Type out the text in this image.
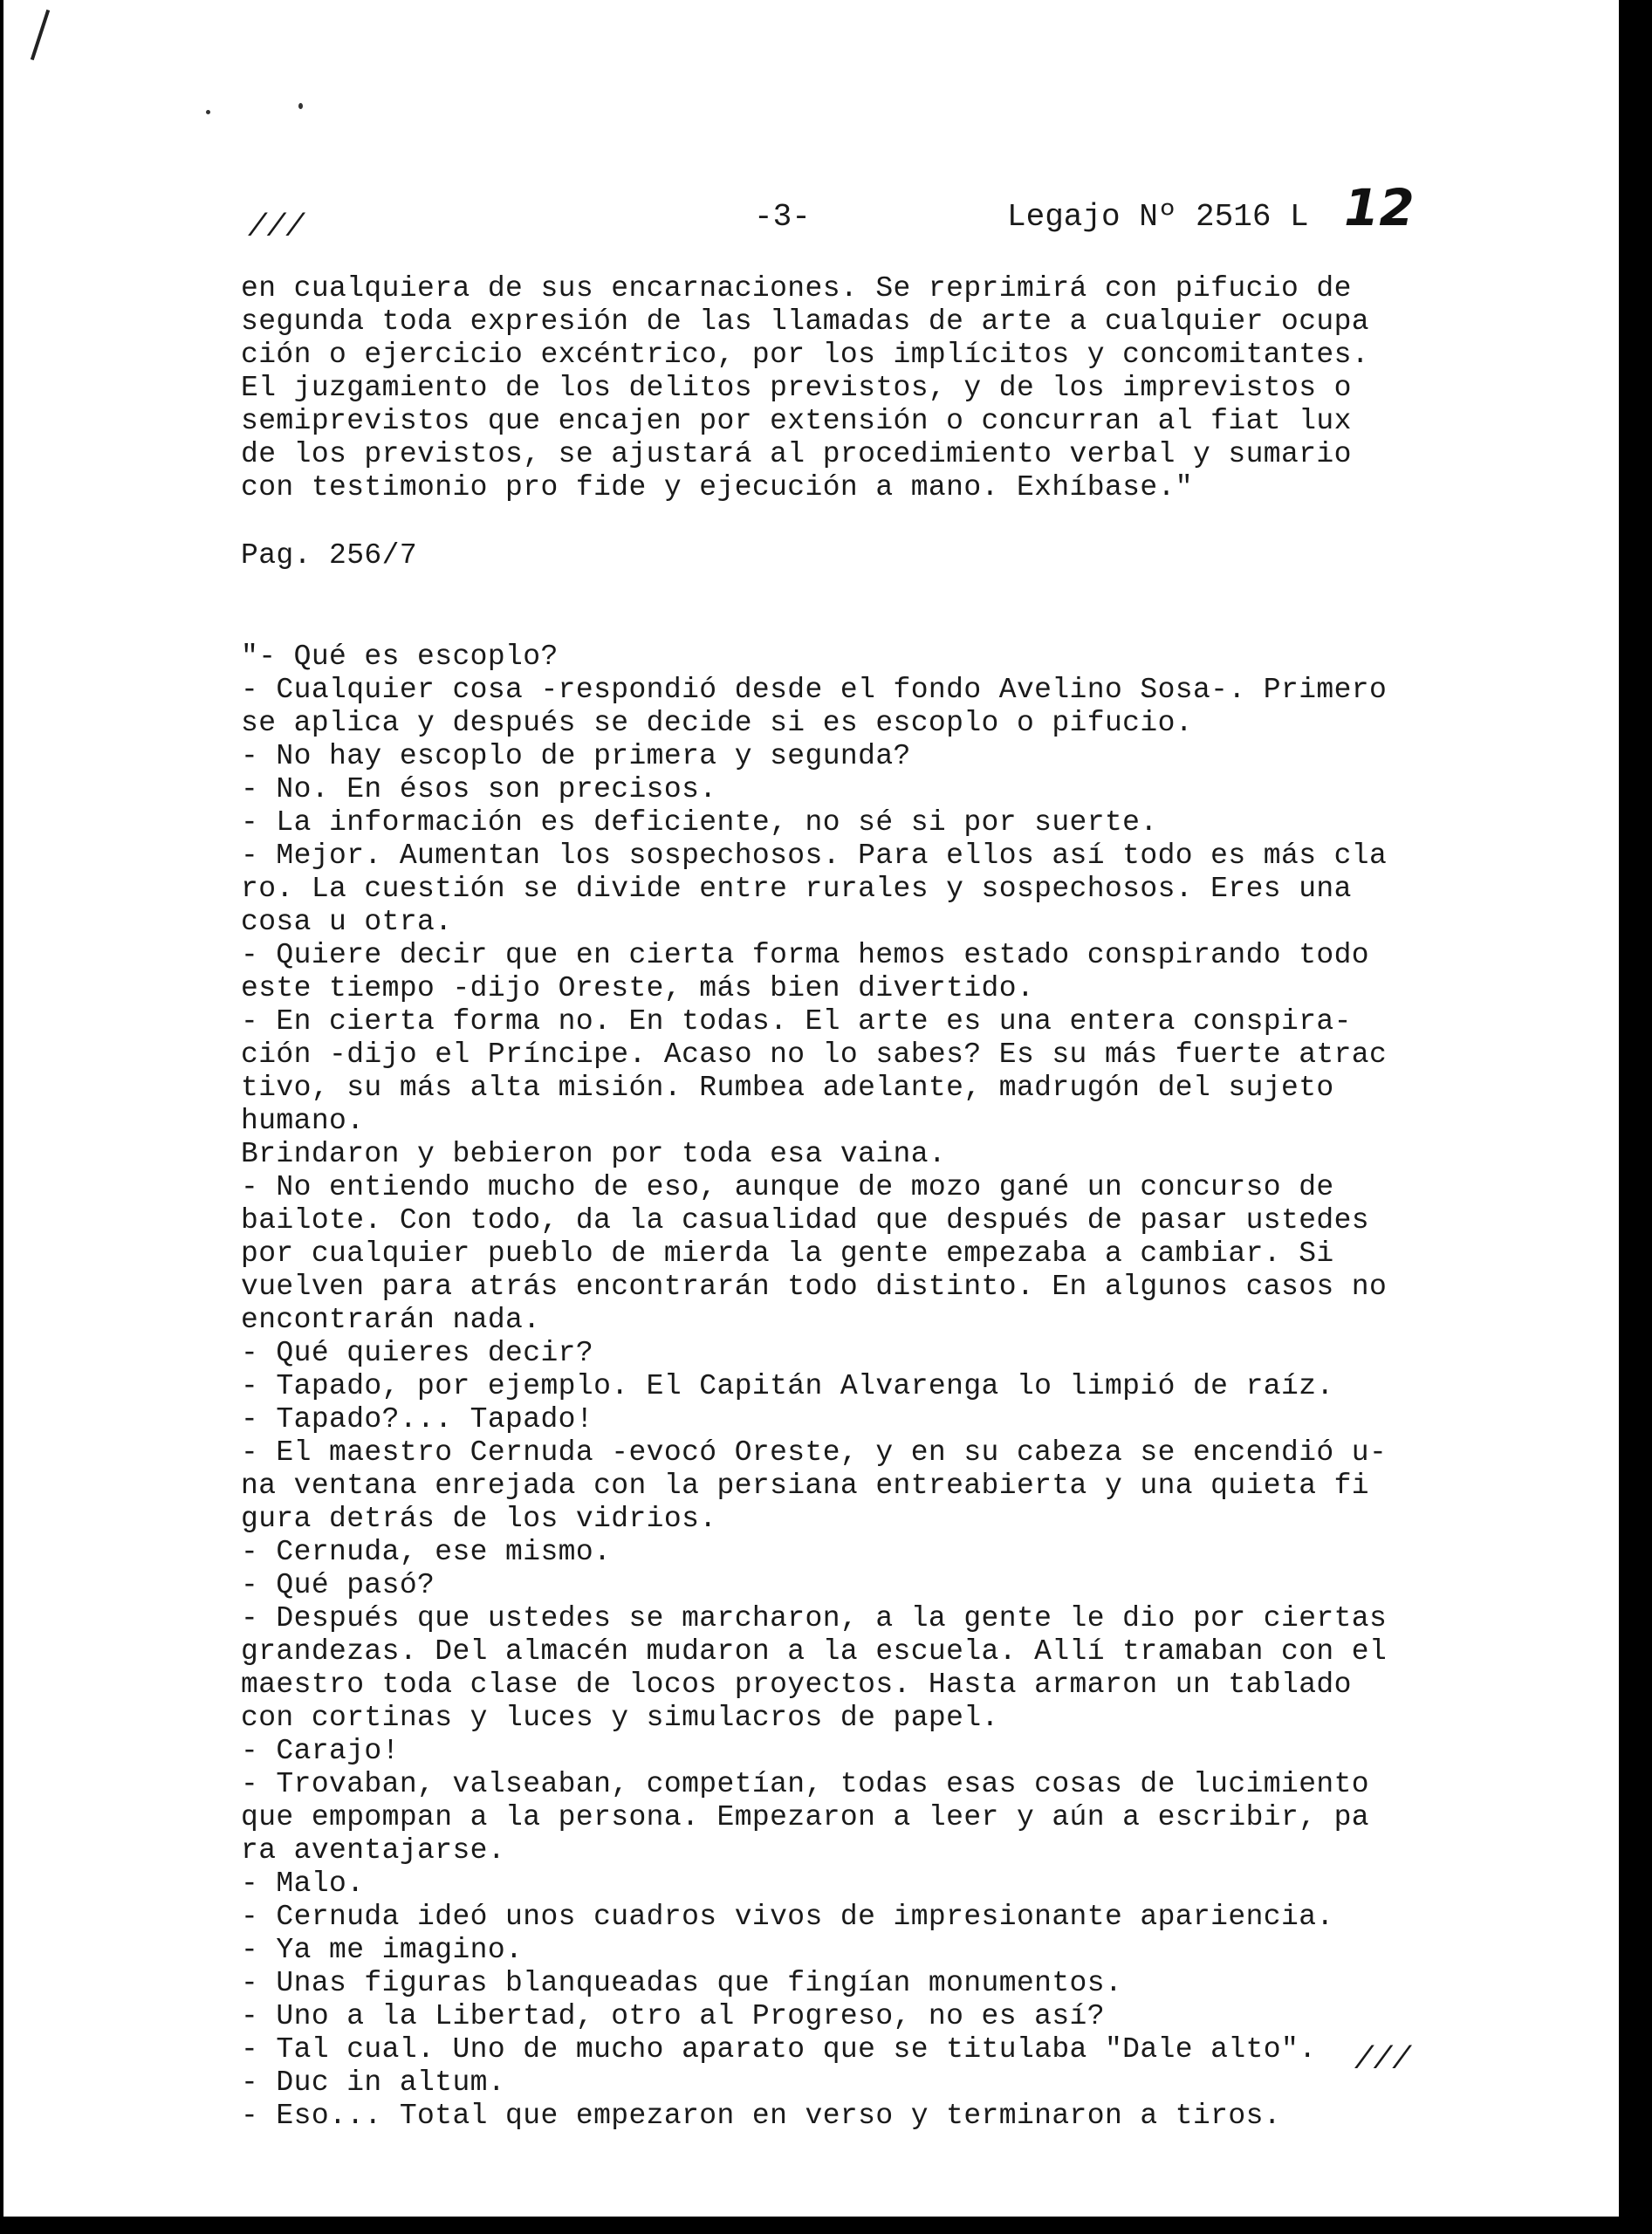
///	-3-	Legajo Nº 2516 L 12
en cualquiera de sus encarnaciones. Se reprimirá con pifucio de
segunda toda expresión de las llamadas de arte a cualquier ocupa
ción o ejercicio excéntrico, por los implícitos y concomitantes.
El juzgamiento de los delitos previstos, y de los imprevistos o
semiprevistos que encajen por extensión o concurran al fiat lux
de los previstos, se ajustará al procedimiento verbal y sumario
con testimonio pro fide y ejecución a mano. Exhíbase."
Pag. 256/7
"- Qué es escoplo?
- Cualquier cosa -respondió desde el fondo Avelino Sosa-. Primero
se aplica y después se decide si es escoplo o pifucio.
- No hay escoplo de primera y segunda?
- No. En ésos son precisos.
- La información es deficiente, no sé si por suerte.
- Mejor. Aumentan los sospechosos. Para ellos así todo es más cla
ro. La cuestión se divide entre rurales y sospechosos. Eres una
cosa u otra.
- Quiere decir que en cierta forma hemos estado conspirando todo
este tiempo -dijo Oreste, más bien divertido.
- En cierta forma no. En todas. El arte es una entera conspira-
ción -dijo el Príncipe. Acaso no lo sabes? Es su más fuerte atrac
tivo, su más alta misión. Rumbea adelante, madrugón del sujeto
humano.
Brindaron y bebieron por toda esa vaina.
- No entiendo mucho de eso, aunque de mozo gané un concurso de
bailote. Con todo, da la casualidad que después de pasar ustedes
por cualquier pueblo de mierda la gente empezaba a cambiar. Si
vuelven para atrás encontrarán todo distinto. En algunos casos no
encontrarán nada.
- Qué quieres decir?
- Tapado, por ejemplo. El Capitán Alvarenga lo limpió de raíz.
- Tapado?... Tapado!
- El maestro Cernuda -evocó Oreste, y en su cabeza se encendió u-
na ventana enrejada con la persiana entreabierta y una quieta fi
gura detrás de los vidrios.
- Cernuda, ese mismo.
- Qué pasó?
- Después que ustedes se marcharon, a la gente le dio por ciertas
grandezas. Del almacén mudaron a la escuela. Allí tramaban con el
maestro toda clase de locos proyectos. Hasta armaron un tablado
con cortinas y luces y simulacros de papel.
- Carajo!
- Trovaban, valseaban, competían, todas esas cosas de lucimiento
que empompan a la persona. Empezaron a leer y aún a escribir, pa
ra aventajarse.
- Malo.
- Cernuda ideó unos cuadros vivos de impresionante apariencia.
- Ya me imagino.
- Unas figuras blanqueadas que fingían monumentos.
- Uno a la Libertad, otro al Progreso, no es así?
- Tal cual. Uno de mucho aparato que se titulaba "Dale alto".
- Duc in altum.
- Eso... Total que empezaron en verso y terminaron a tiros.
///
